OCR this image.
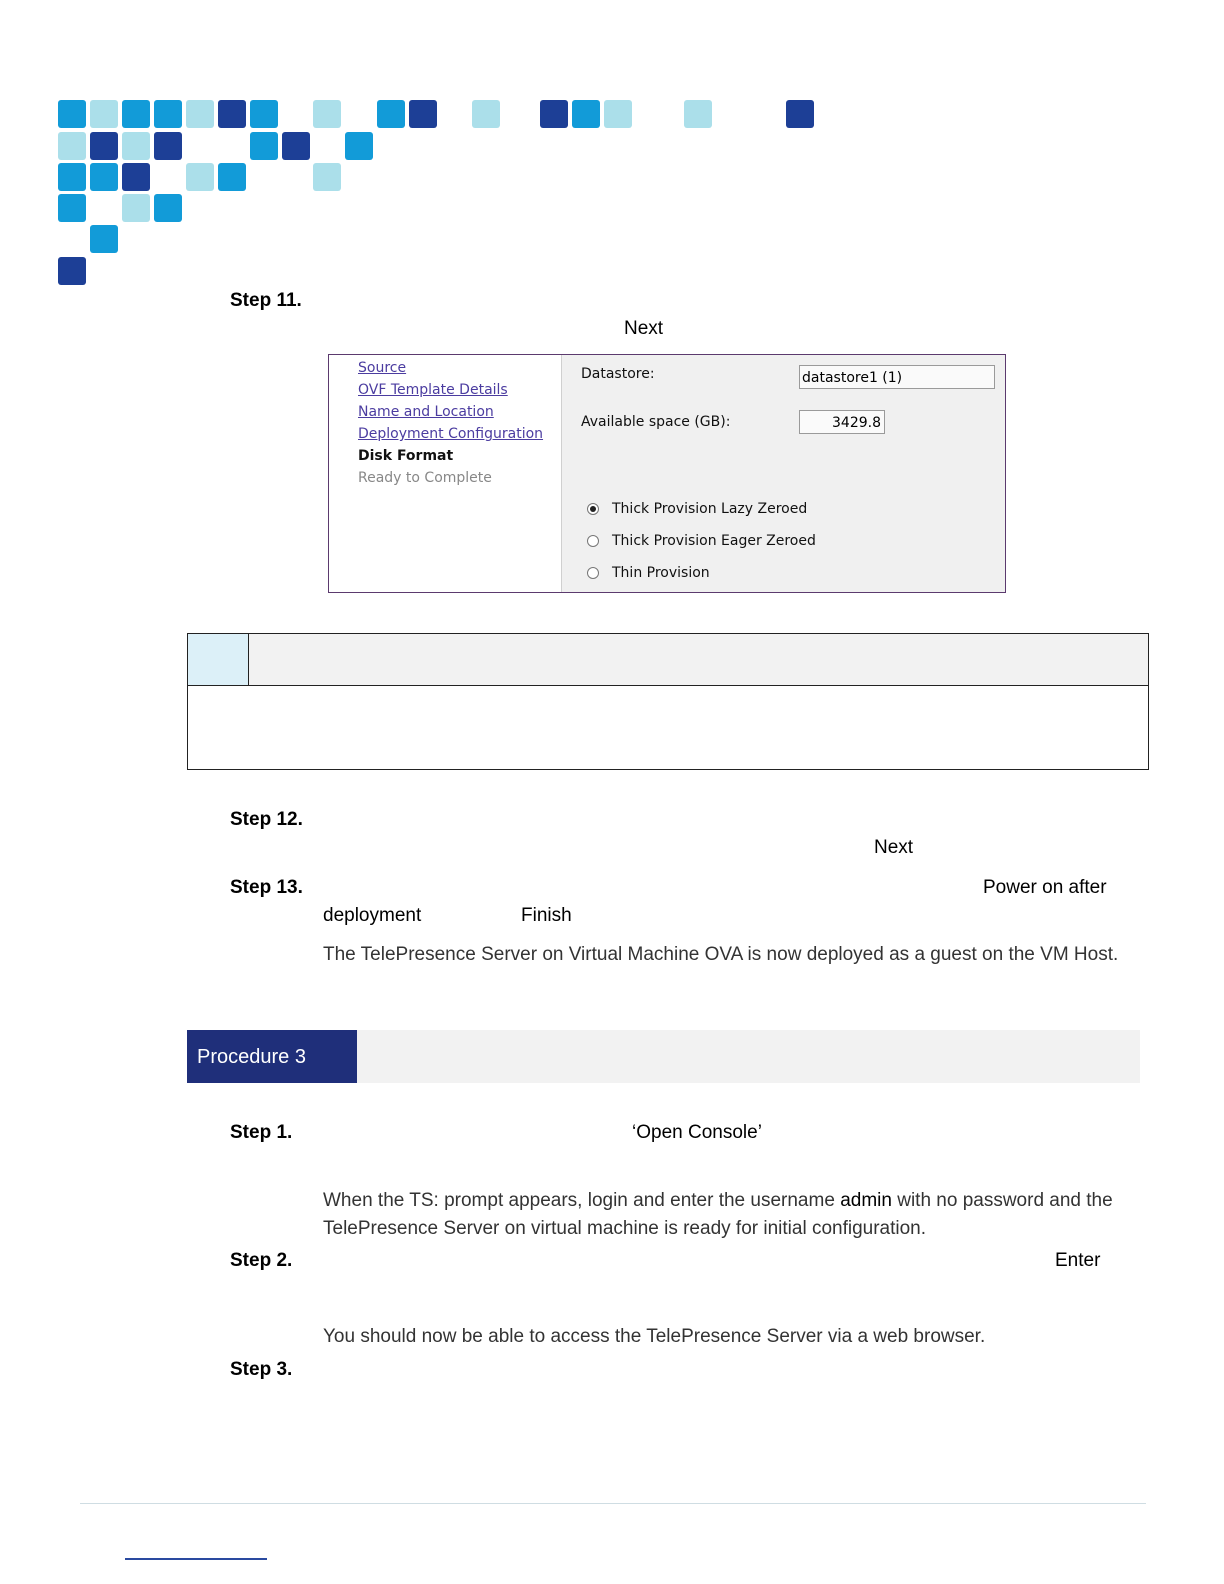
Step 11.
Next
Source
OVF Template Details
Name and Location
Deployment Configuration
Disk Format
Ready to Complete
Datastore:	datastore1 (1)
Available space (GB):	3429.8
Thick Provision Lazy Zeroed
Thick Provision Eager Zeroed
Thin Provision
Step 12.
Next
Step 13.	Power on after
deployment	Finish
The TelePresence Server on Virtual Machine OVA is now deployed as a guest on the VM Host.
Procedure 3
Step 1.	‘Open Console’
When the TS: prompt appears, login and enter the username admin with no password and the TelePresence Server on virtual machine is ready for initial configuration.
Step 2.	Enter
You should now be able to access the TelePresence Server via a web browser.
Step 3.
